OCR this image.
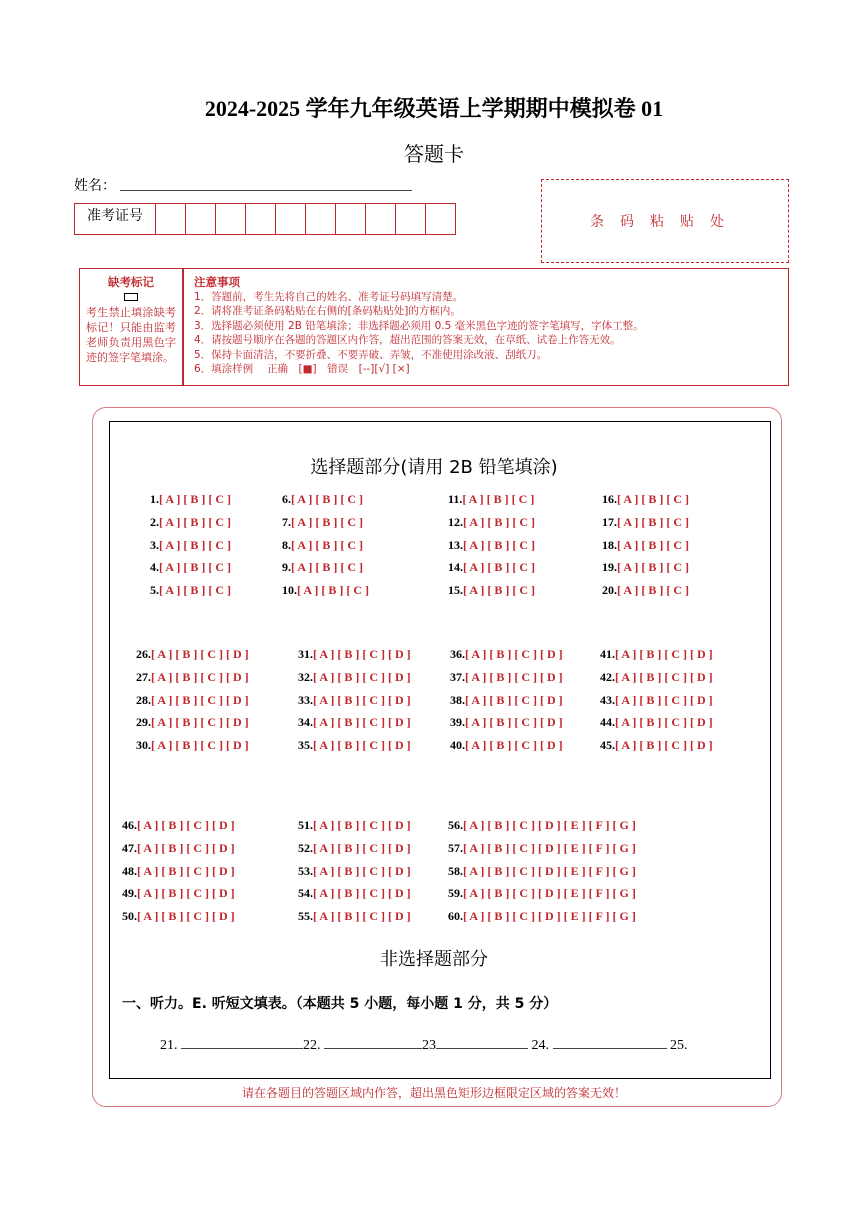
2024-2025 学年九年级英语上学期期中模拟卷 01
答题卡
姓名：
准考证号	条码粘贴处
缺考标记
考生禁止填涂缺考标记！只能由监考老师负责用黑色字迹的签字笔填涂。
注意事项
1．答题前，考生先将自己的姓名、准考证号码填写清楚。
2．请将准考证条码粘贴在右侧的[条码粘贴处]的方框内。
3．选择题必须使用 2B 铅笔填涂；非选择题必须用 0.5 毫米黑色字迹的签字笔填写，字体工整。
4．请按题号顺序在各题的答题区内作答，超出范围的答案无效，在草纸、试卷上作答无效。
5．保持卡面清洁，不要折叠、不要弄破、弄皱，不准使用涂改液、刮纸刀。
6．填涂样例　 正确　[■]　错误　[--][√] [×]
选择题部分(请用 2B 铅笔填涂)
1.[ A ] [ B ] [ C ]
2.[ A ] [ B ] [ C ]
3.[ A ] [ B ] [ C ]
4.[ A ] [ B ] [ C ]
5.[ A ] [ B ] [ C ]
6.[ A ] [ B ] [ C ]
7.[ A ] [ B ] [ C ]
8.[ A ] [ B ] [ C ]
9.[ A ] [ B ] [ C ]
10.[ A ] [ B ] [ C ]
11.[ A ] [ B ] [ C ]
12.[ A ] [ B ] [ C ]
13.[ A ] [ B ] [ C ]
14.[ A ] [ B ] [ C ]
15.[ A ] [ B ] [ C ]
16.[ A ] [ B ] [ C ]
17.[ A ] [ B ] [ C ]
18.[ A ] [ B ] [ C ]
19.[ A ] [ B ] [ C ]
20.[ A ] [ B ] [ C ]
26.[ A ] [ B ] [ C ] [ D ]
27.[ A ] [ B ] [ C ] [ D ]
28.[ A ] [ B ] [ C ] [ D ]
29.[ A ] [ B ] [ C ] [ D ]
30.[ A ] [ B ] [ C ] [ D ]
31.[ A ] [ B ] [ C ] [ D ]
32.[ A ] [ B ] [ C ] [ D ]
33.[ A ] [ B ] [ C ] [ D ]
34.[ A ] [ B ] [ C ] [ D ]
35.[ A ] [ B ] [ C ] [ D ]
36.[ A ] [ B ] [ C ] [ D ]
37.[ A ] [ B ] [ C ] [ D ]
38.[ A ] [ B ] [ C ] [ D ]
39.[ A ] [ B ] [ C ] [ D ]
40.[ A ] [ B ] [ C ] [ D ]
41.[ A ] [ B ] [ C ] [ D ]
42.[ A ] [ B ] [ C ] [ D ]
43.[ A ] [ B ] [ C ] [ D ]
44.[ A ] [ B ] [ C ] [ D ]
45.[ A ] [ B ] [ C ] [ D ]
46.[ A ] [ B ] [ C ] [ D ]
47.[ A ] [ B ] [ C ] [ D ]
48.[ A ] [ B ] [ C ] [ D ]
49.[ A ] [ B ] [ C ] [ D ]
50.[ A ] [ B ] [ C ] [ D ]
51.[ A ] [ B ] [ C ] [ D ]
52.[ A ] [ B ] [ C ] [ D ]
53.[ A ] [ B ] [ C ] [ D ]
54.[ A ] [ B ] [ C ] [ D ]
55.[ A ] [ B ] [ C ] [ D ]
56.[ A ] [ B ] [ C ] [ D ] [ E ] [ F ] [ G ]
57.[ A ] [ B ] [ C ] [ D ] [ E ] [ F ] [ G ]
58.[ A ] [ B ] [ C ] [ D ] [ E ] [ F ] [ G ]
59.[ A ] [ B ] [ C ] [ D ] [ E ] [ F ] [ G ]
60.[ A ] [ B ] [ C ] [ D ] [ E ] [ F ] [ G ]
非选择题部分
一、听力。E. 听短文填表。（本题共 5 小题，每小题 1 分，共 5 分）
21.	22.	23	24.	25.
请在各题目的答题区域内作答，超出黑色矩形边框限定区域的答案无效！
